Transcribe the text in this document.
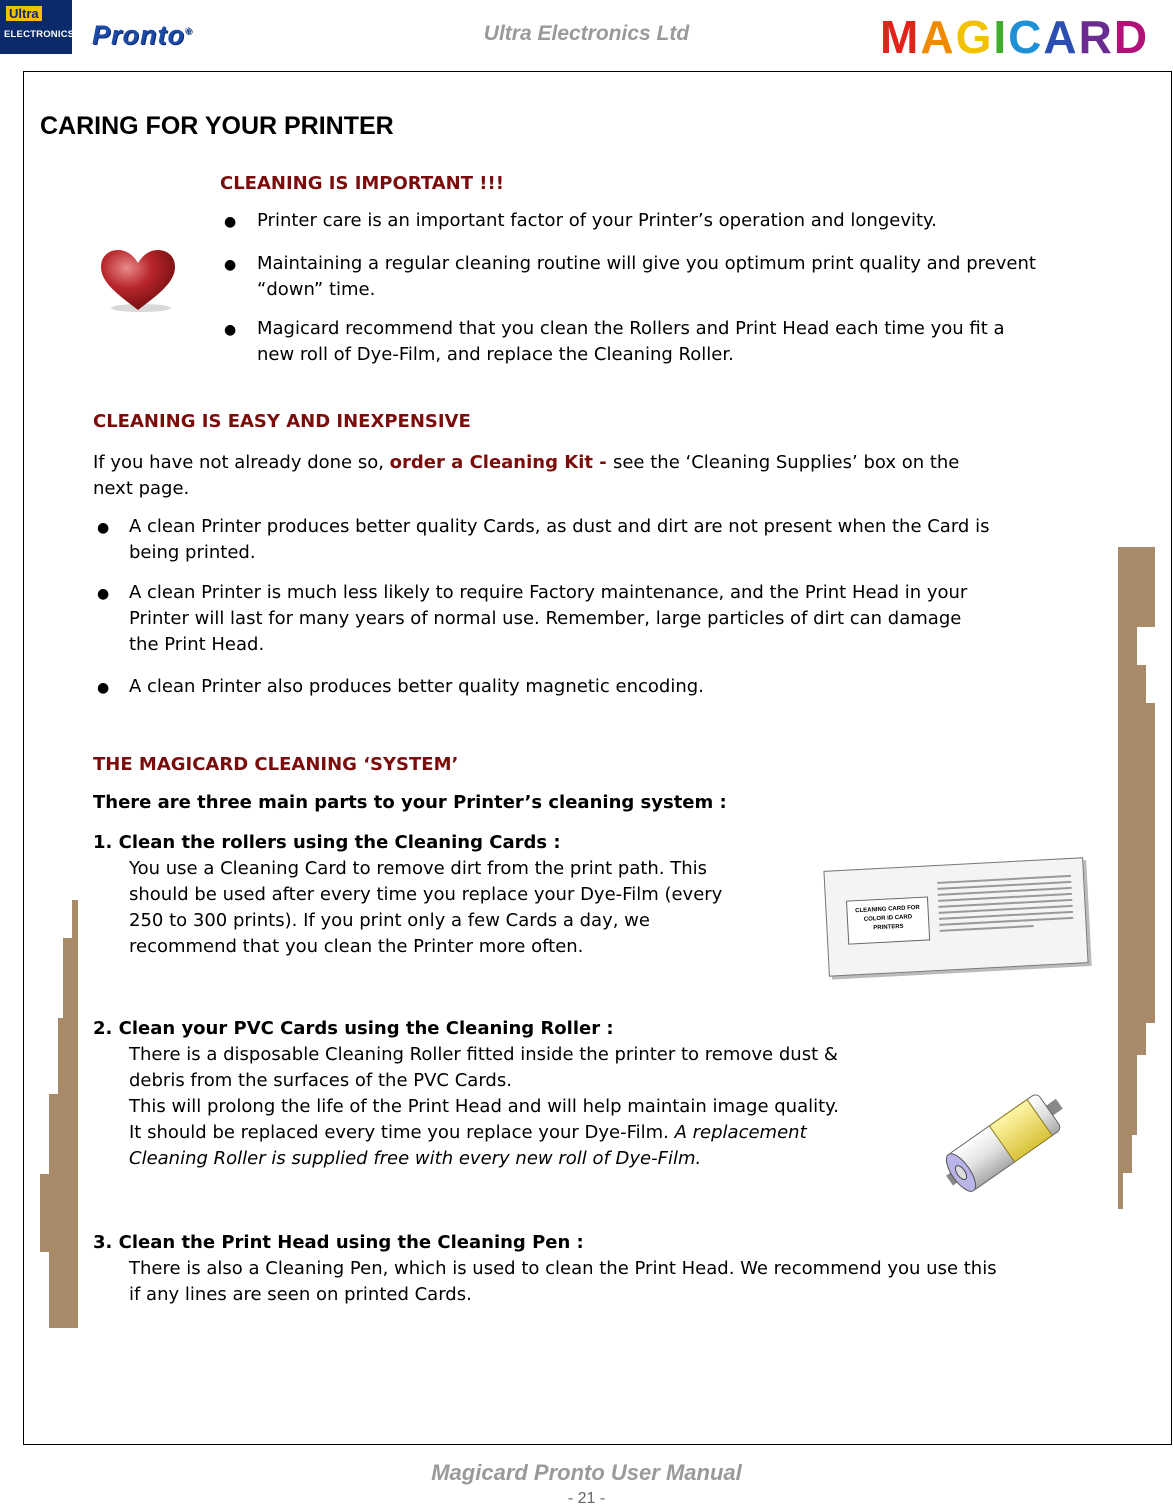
Ultra
ELECTRONICS Pronto®	Ultra Electronics Ltd	MAGICARD
CARING FOR YOUR PRINTER
CLEANING IS IMPORTANT !!!
● Printer care is an important factor of your Printer’s operation and longevity.
● Maintaining a regular cleaning routine will give you optimum print quality and prevent
“down” time.
● Magicard recommend that you clean the Rollers and Print Head each time you fit a
new roll of Dye-Film, and replace the Cleaning Roller.
CLEANING IS EASY AND INEXPENSIVE
If you have not already done so, order a Cleaning Kit - see the ‘Cleaning Supplies’ box on the
next page.
● A clean Printer produces better quality Cards, as dust and dirt are not present when the Card is
being printed.
● A clean Printer is much less likely to require Factory maintenance, and the Print Head in your
Printer will last for many years of normal use. Remember, large particles of dirt can damage
the Print Head.
● A clean Printer also produces better quality magnetic encoding.
THE MAGICARD CLEANING ‘SYSTEM’
There are three main parts to your Printer’s cleaning system :
1. Clean the rollers using the Cleaning Cards :
You use a Cleaning Card to remove dirt from the print path. This
should be used after every time you replace your Dye-Film (every
250 to 300 prints). If you print only a few Cards a day, we
recommend that you clean the Printer more often.
CLEANING CARD FOR
COLOR ID CARD
PRINTERS
2. Clean your PVC Cards using the Cleaning Roller :
There is a disposable Cleaning Roller fitted inside the printer to remove dust &
debris from the surfaces of the PVC Cards.
This will prolong the life of the Print Head and will help maintain image quality.
It should be replaced every time you replace your Dye-Film. A replacement
Cleaning Roller is supplied free with every new roll of Dye-Film.
3. Clean the Print Head using the Cleaning Pen :
There is also a Cleaning Pen, which is used to clean the Print Head. We recommend you use this
if any lines are seen on printed Cards.
Magicard Pronto User Manual
- 21 -
